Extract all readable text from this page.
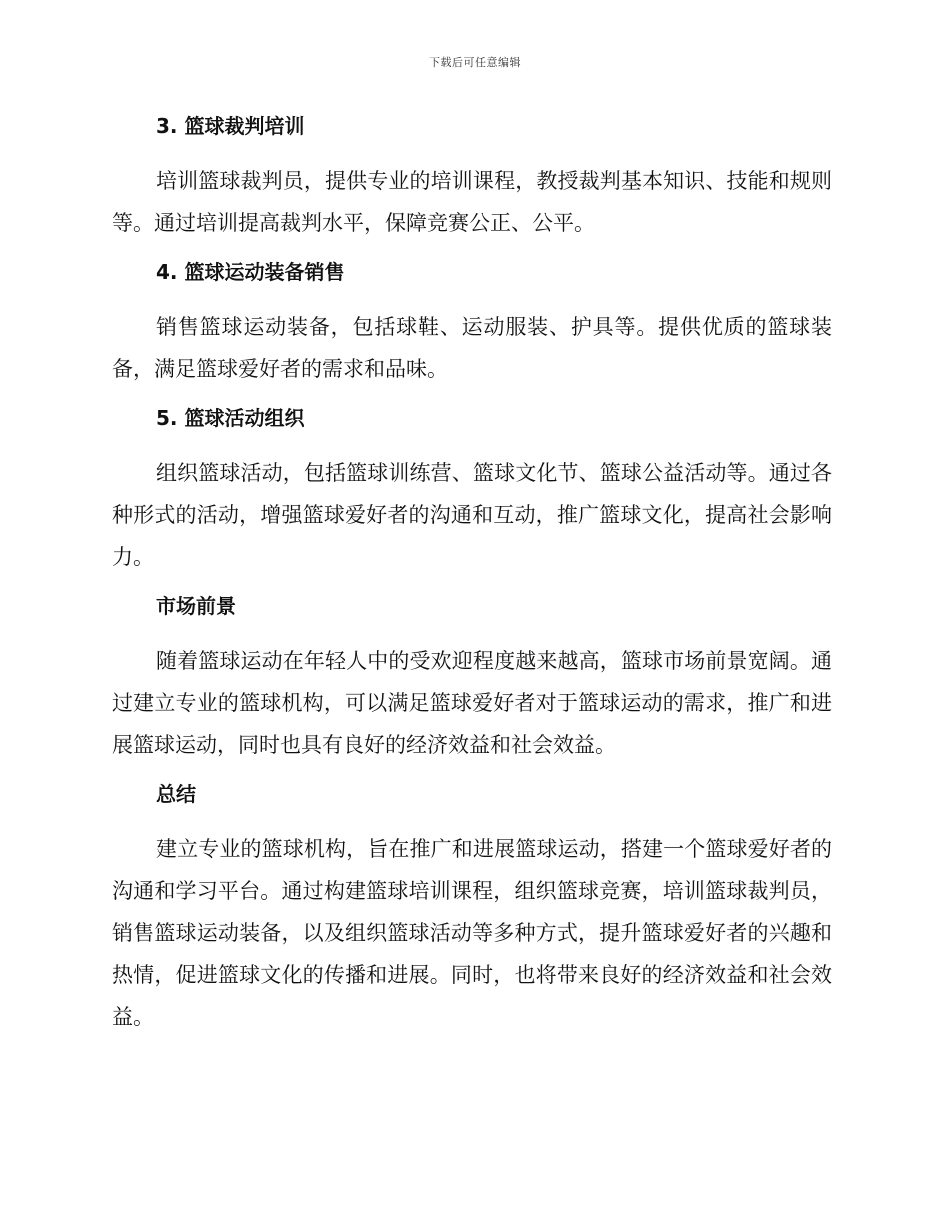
下载后可任意编辑
3. 篮球裁判培训
培训篮球裁判员，提供专业的培训课程，教授裁判基本知识、技能和规则等。通过培训提高裁判水平，保障竞赛公正、公平。
4. 篮球运动装备销售
销售篮球运动装备，包括球鞋、运动服装、护具等。提供优质的篮球装备，满足篮球爱好者的需求和品味。
5. 篮球活动组织
组织篮球活动，包括篮球训练营、篮球文化节、篮球公益活动等。通过各种形式的活动，增强篮球爱好者的沟通和互动，推广篮球文化，提高社会影响力。
市场前景
随着篮球运动在年轻人中的受欢迎程度越来越高，篮球市场前景宽阔。通过建立专业的篮球机构，可以满足篮球爱好者对于篮球运动的需求，推广和进展篮球运动，同时也具有良好的经济效益和社会效益。
总结
建立专业的篮球机构，旨在推广和进展篮球运动，搭建一个篮球爱好者的沟通和学习平台。通过构建篮球培训课程，组织篮球竞赛，培训篮球裁判员，销售篮球运动装备，以及组织篮球活动等多种方式，提升篮球爱好者的兴趣和热情，促进篮球文化的传播和进展。同时，也将带来良好的经济效益和社会效益。
